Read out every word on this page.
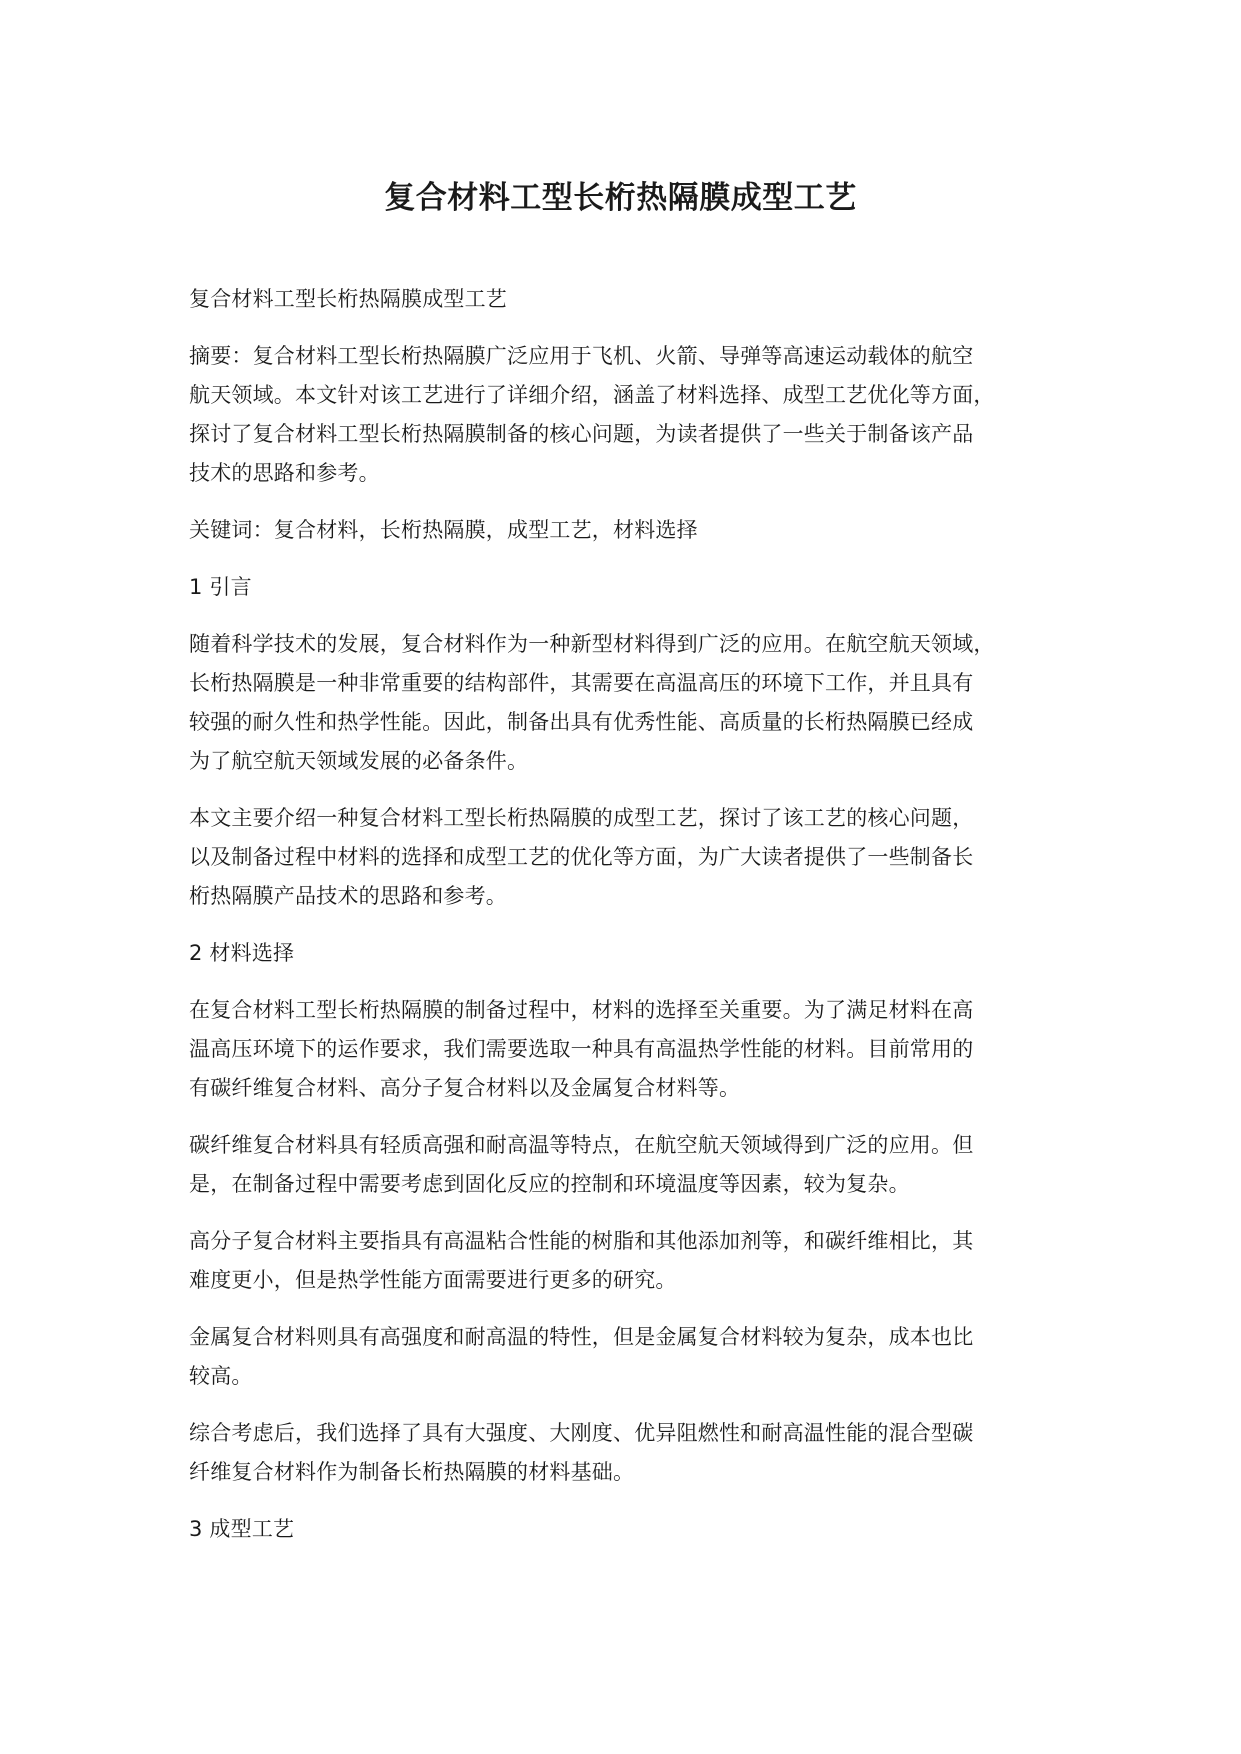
复合材料工型长桁热隔膜成型工艺

复合材料工型长桁热隔膜成型工艺

摘要：复合材料工型长桁热隔膜广泛应用于飞机、火箭、导弹等高速运动载体的航空
航天领域。本文针对该工艺进行了详细介绍，涵盖了材料选择、成型工艺优化等方面，
探讨了复合材料工型长桁热隔膜制备的核心问题，为读者提供了一些关于制备该产品
技术的思路和参考。

关键词：复合材料，长桁热隔膜，成型工艺，材料选择

1 引言

随着科学技术的发展，复合材料作为一种新型材料得到广泛的应用。在航空航天领域，
长桁热隔膜是一种非常重要的结构部件，其需要在高温高压的环境下工作，并且具有
较强的耐久性和热学性能。因此，制备出具有优秀性能、高质量的长桁热隔膜已经成
为了航空航天领域发展的必备条件。

本文主要介绍一种复合材料工型长桁热隔膜的成型工艺，探讨了该工艺的核心问题，
以及制备过程中材料的选择和成型工艺的优化等方面，为广大读者提供了一些制备长
桁热隔膜产品技术的思路和参考。

2 材料选择

在复合材料工型长桁热隔膜的制备过程中，材料的选择至关重要。为了满足材料在高
温高压环境下的运作要求，我们需要选取一种具有高温热学性能的材料。目前常用的
有碳纤维复合材料、高分子复合材料以及金属复合材料等。

碳纤维复合材料具有轻质高强和耐高温等特点，在航空航天领域得到广泛的应用。但
是，在制备过程中需要考虑到固化反应的控制和环境温度等因素，较为复杂。

高分子复合材料主要指具有高温粘合性能的树脂和其他添加剂等，和碳纤维相比，其
难度更小，但是热学性能方面需要进行更多的研究。

金属复合材料则具有高强度和耐高温的特性，但是金属复合材料较为复杂，成本也比
较高。

综合考虑后，我们选择了具有大强度、大刚度、优异阻燃性和耐高温性能的混合型碳
纤维复合材料作为制备长桁热隔膜的材料基础。

3 成型工艺
